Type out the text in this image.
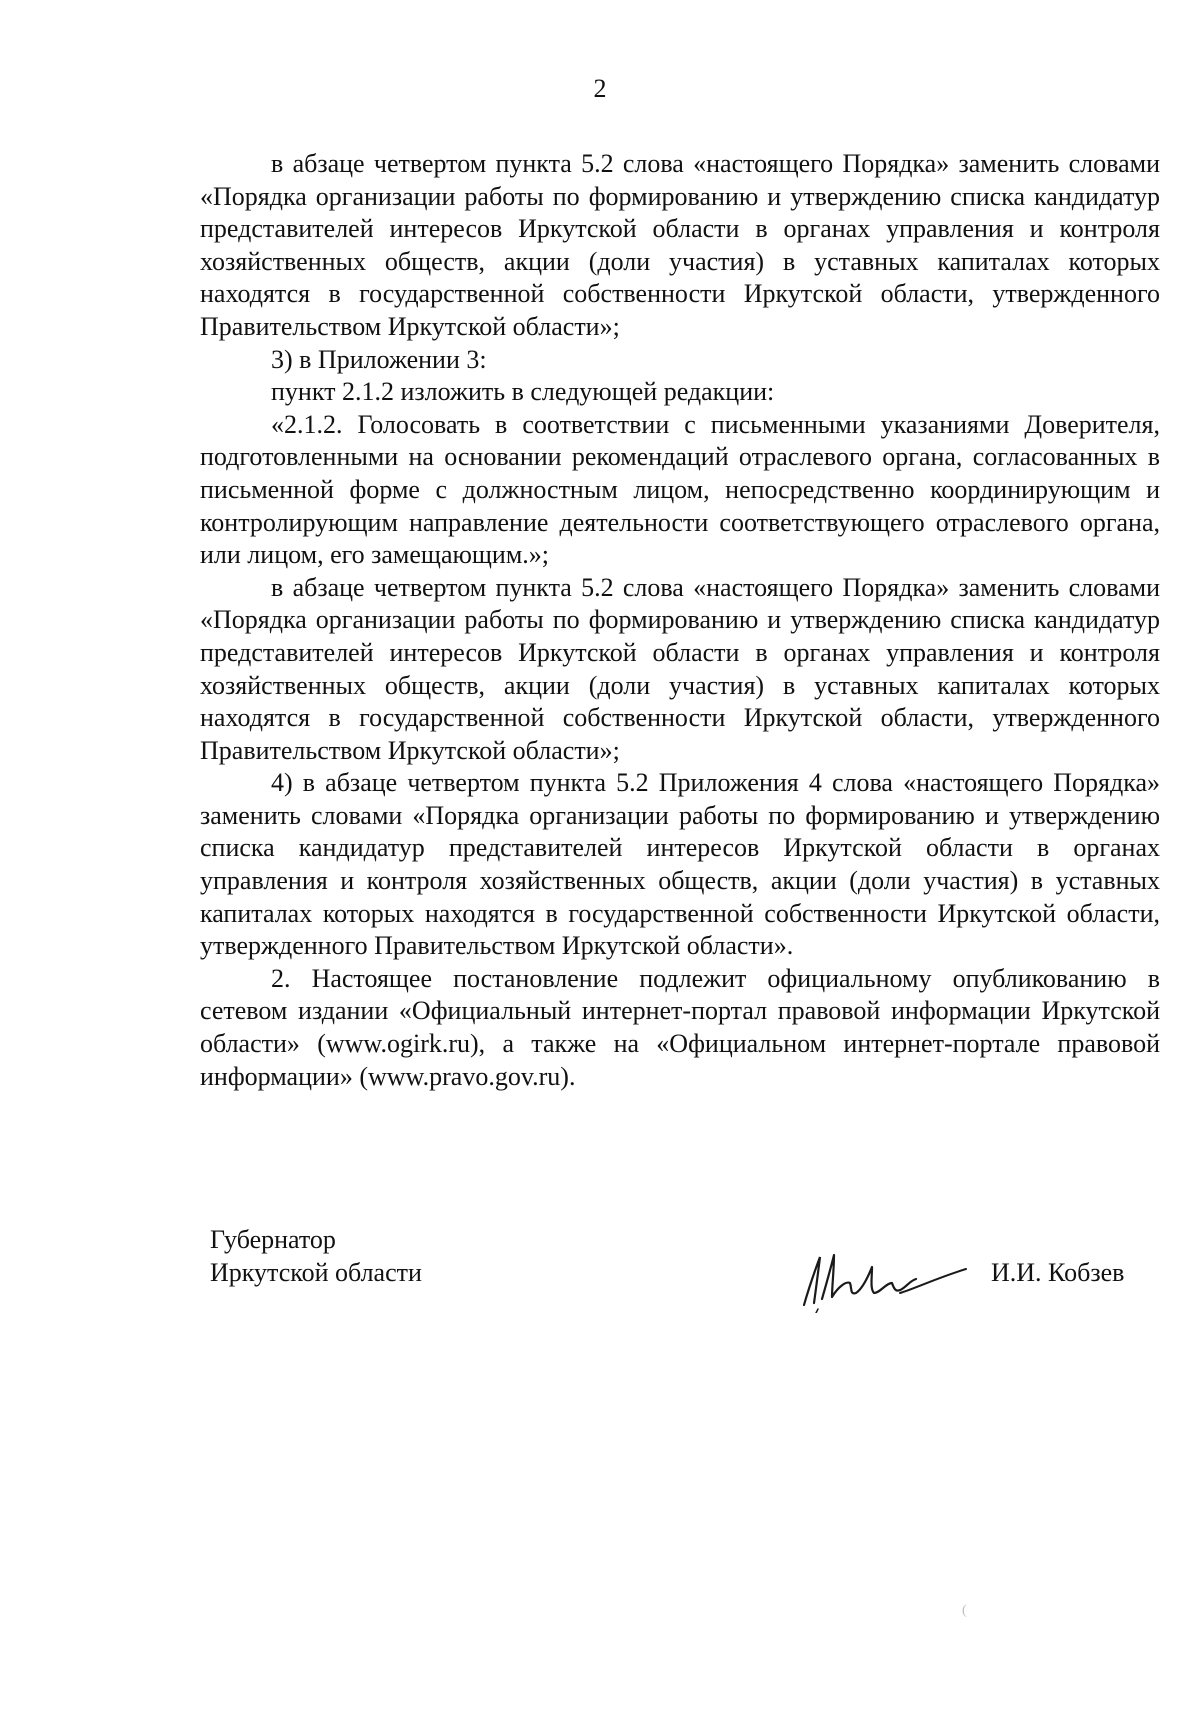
2

в абзаце четвертом пункта 5.2 слова «настоящего Порядка» заменить словами «Порядка организации работы по формированию и утверждению списка кандидатур представителей интересов Иркутской области в органах управления и контроля хозяйственных обществ, акции (доли участия) в уставных капиталах которых находятся в государственной собственности Иркутской области, утвержденного Правительством Иркутской области»;

3) в Приложении 3:

пункт 2.1.2 изложить в следующей редакции:

«2.1.2. Голосовать в соответствии с письменными указаниями Доверителя, подготовленными на основании рекомендаций отраслевого органа, согласованных в письменной форме с должностным лицом, непосредственно координирующим и контролирующим направление деятельности соответствующего отраслевого органа, или лицом, его замещающим.»;

в абзаце четвертом пункта 5.2 слова «настоящего Порядка» заменить словами «Порядка организации работы по формированию и утверждению списка кандидатур представителей интересов Иркутской области в органах управления и контроля хозяйственных обществ, акции (доли участия) в уставных капиталах которых находятся в государственной собственности Иркутской области, утвержденного Правительством Иркутской области»;

4) в абзаце четвертом пункта 5.2 Приложения 4 слова «настоящего Порядка» заменить словами «Порядка организации работы по формированию и утверждению списка кандидатур представителей интересов Иркутской области в органах управления и контроля хозяйственных обществ, акции (доли участия) в уставных капиталах которых находятся в государственной собственности Иркутской области, утвержденного Правительством Иркутской области».

2. Настоящее постановление подлежит официальному опубликованию в сетевом издании «Официальный интернет-портал правовой информации Иркутской области» (www.ogirk.ru), а также на «Официальном интернет-портале правовой информации» (www.pravo.gov.ru).

Губернатор
Иркутской области	И.И. Кобзев
(
